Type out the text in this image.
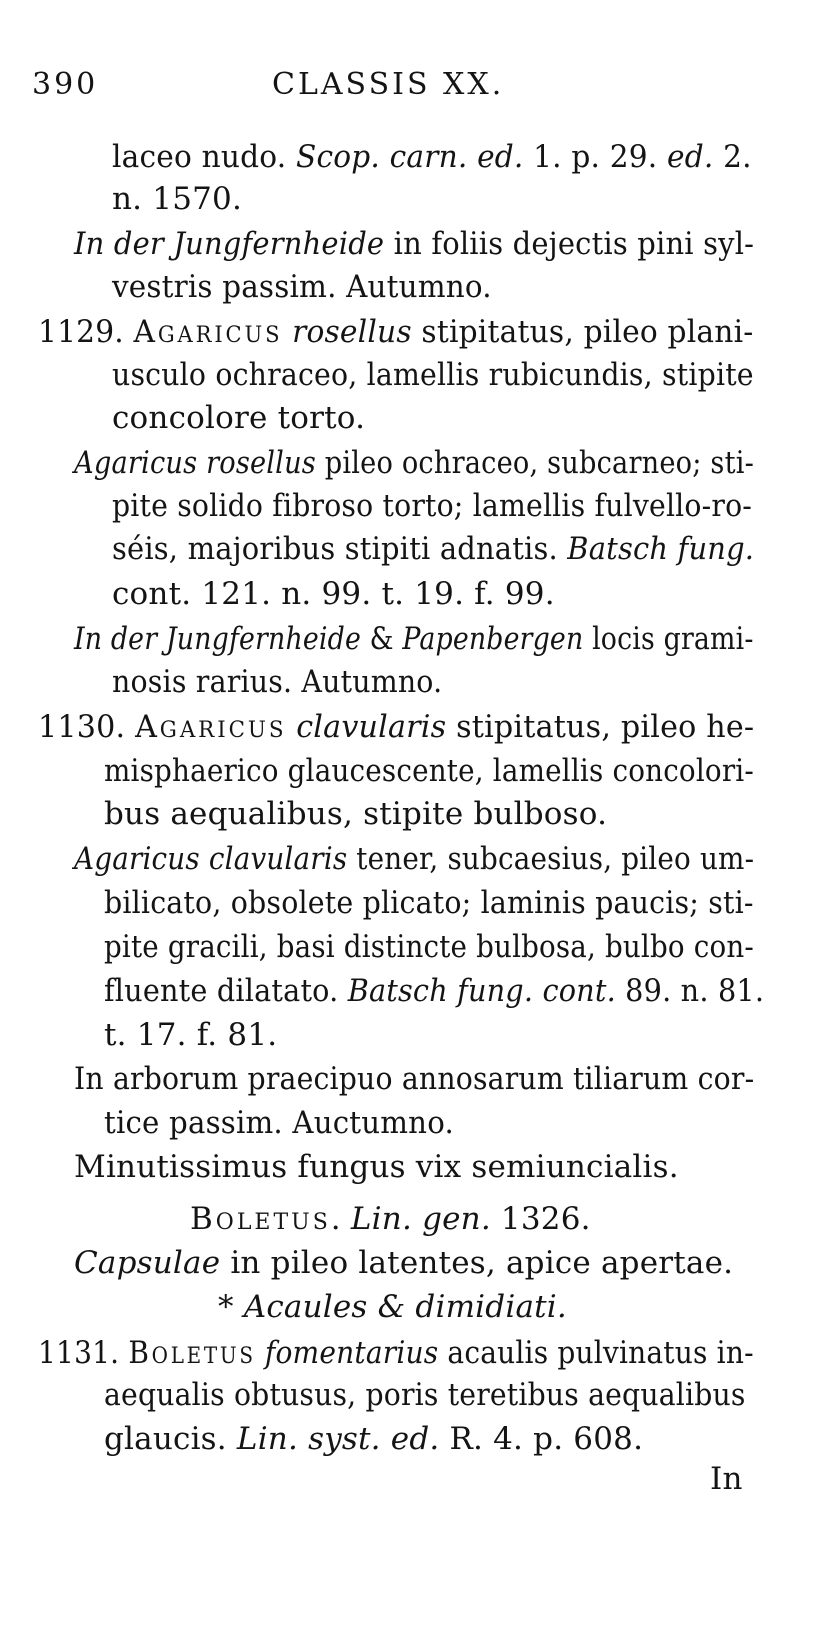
390	CLASSIS XX.
laceo nudo. Scop. carn. ed. 1. p. 29. ed. 2.
n. 1570.
In der Jungfernheide in foliis dejectis pini syl-
vestris passim. Autumno.
1129. Agaricus rosellus stipitatus, pileo plani-
usculo ochraceo, lamellis rubicundis, stipite
concolore torto.
Agaricus rosellus pileo ochraceo, subcarneo; sti-
pite solido fibroso torto; lamellis fulvello-ro-
séis, majoribus stipiti adnatis. Batsch fung.
cont. 121. n. 99. t. 19. f. 99.
In der Jungfernheide & Papenbergen locis grami-
nosis rarius. Autumno.
1130. Agaricus clavularis stipitatus, pileo he-
misphaerico glaucescente, lamellis concolori-
bus aequalibus, stipite bulboso.
Agaricus clavularis tener, subcaesius, pileo um-
bilicato, obsolete plicato; laminis paucis; sti-
pite gracili, basi distincte bulbosa, bulbo con-
fluente dilatato. Batsch fung. cont. 89. n. 81.
t. 17. f. 81.
In arborum praecipuo annosarum tiliarum cor-
tice passim. Auctumno.
Minutissimus fungus vix semiuncialis.
Boletus. Lin. gen. 1326.
Capsulae in pileo latentes, apice apertae.
* Acaules & dimidiati.
1131. Boletus fomentarius acaulis pulvinatus in-
aequalis obtusus, poris teretibus aequalibus
glaucis. Lin. syst. ed. R. 4. p. 608.
In
